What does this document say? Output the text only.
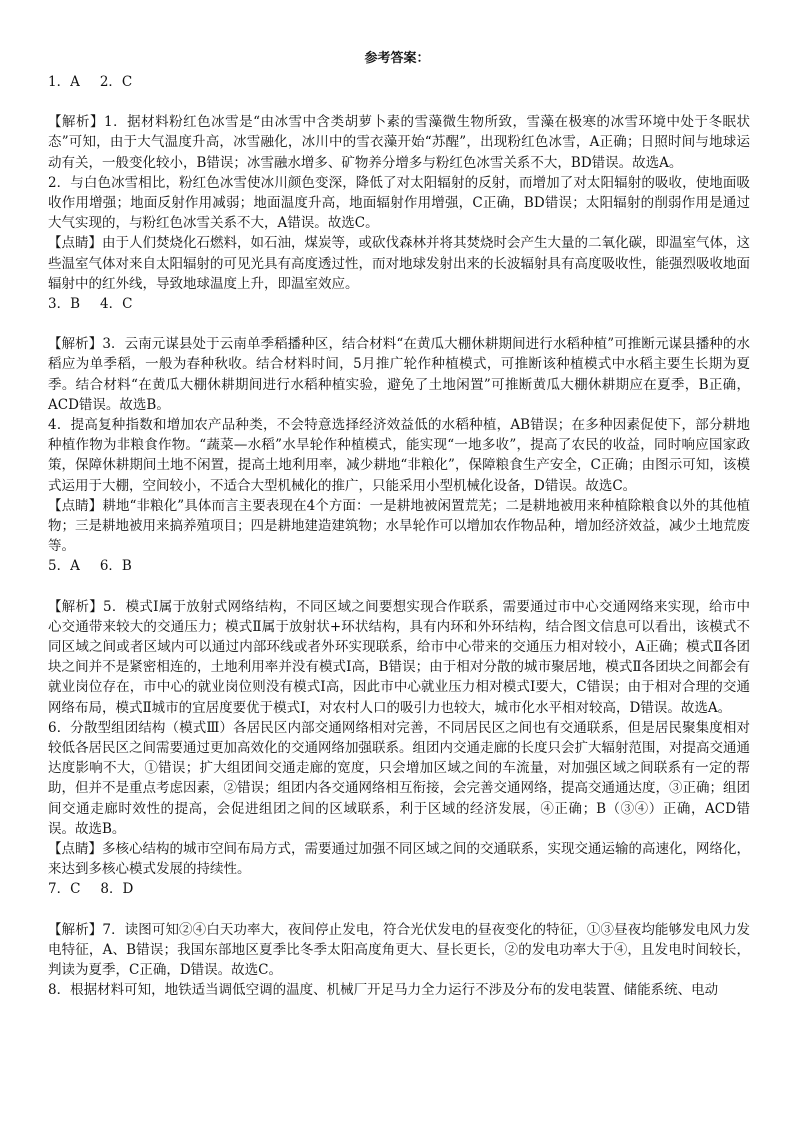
参考答案：

1．A 2．C

【解析】1．据材料粉红色冰雪是“由冰雪中含类胡萝卜素的雪藻微生物所致，雪藻在极寒的冰雪环境中处于冬眠状态”可知，由于大气温度升高，冰雪融化，冰川中的雪衣藻开始“苏醒”，出现粉红色冰雪，A正确；日照时间与地球运动有关，一般变化较小，B错误；冰雪融水增多、矿物养分增多与粉红色冰雪关系不大，BD错误。故选A。

2．与白色冰雪相比，粉红色冰雪使冰川颜色变深，降低了对太阳辐射的反射，而增加了对太阳辐射的吸收，使地面吸收作用增强；地面反射作用减弱；地面温度升高，地面辐射作用增强，C正确，BD错误；太阳辐射的削弱作用是通过大气实现的，与粉红色冰雪关系不大，A错误。故选C。

【点睛】由于人们焚烧化石燃料，如石油，煤炭等，或砍伐森林并将其焚烧时会产生大量的二氧化碳，即温室气体，这些温室气体对来自太阳辐射的可见光具有高度透过性，而对地球发射出来的长波辐射具有高度吸收性，能强烈吸收地面辐射中的红外线，导致地球温度上升，即温室效应。

3．B 4．C

【解析】3．云南元谋县处于云南单季稻播种区，结合材料“在黄瓜大棚休耕期间进行水稻种植”可推断元谋县播种的水稻应为单季稻，一般为春种秋收。结合材料时间，5月推广轮作种植模式，可推断该种植模式中水稻主要生长期为夏季。结合材料“在黄瓜大棚休耕期间进行水稻种植实验，避免了土地闲置”可推断黄瓜大棚休耕期应在夏季，B正确，ACD错误。故选B。

4．提高复种指数和增加农产品种类，不会特意选择经济效益低的水稻种植，AB错误；在多种因素促使下，部分耕地种植作物为非粮食作物。“蔬菜—水稻”水旱轮作种植模式，能实现“一地多收”，提高了农民的收益，同时响应国家政策，保障休耕期间土地不闲置，提高土地利用率，减少耕地“非粮化”，保障粮食生产安全，C正确；由图示可知，该模式运用于大棚，空间较小，不适合大型机械化的推广，只能采用小型机械化设备，D错误。故选C。

【点睛】耕地“非粮化”具体而言主要表现在4个方面：一是耕地被闲置荒芜；二是耕地被用来种植除粮食以外的其他植物；三是耕地被用来搞养殖项目；四是耕地建造建筑物；水旱轮作可以增加农作物品种，增加经济效益，减少土地荒废等。

5．A 6．B

【解析】5．模式Ⅰ属于放射式网络结构，不同区域之间要想实现合作联系，需要通过市中心交通网络来实现，给市中心交通带来较大的交通压力；模式Ⅱ属于放射状+环状结构，具有内环和外环结构，结合图文信息可以看出，该模式不同区域之间或者区域内可以通过内部环线或者外环实现联系，给市中心带来的交通压力相对较小，A正确；模式Ⅱ各团块之间并不是紧密相连的，土地利用率并没有模式Ⅰ高，B错误；由于相对分散的城市聚居地，模式Ⅱ各团块之间都会有就业岗位存在，市中心的就业岗位则没有模式Ⅰ高，因此市中心就业压力相对模式Ⅰ要大，C错误；由于相对合理的交通网络布局，模式Ⅱ城市的宜居度要优于模式Ⅰ，对农村人口的吸引力也较大，城市化水平相对较高，D错误。故选A。

6．分散型组团结构（模式Ⅲ）各居民区内部交通网络相对完善，不同居民区之间也有交通联系，但是居民聚集度相对较低各居民区之间需要通过更加高效化的交通网络加强联系。组团内交通走廊的长度只会扩大辐射范围，对提高交通通达度影响不大，①错误；扩大组团间交通走廊的宽度，只会增加区域之间的车流量，对加强区域之间联系有一定的帮助，但并不是重点考虑因素，②错误；组团内各交通网络相互衔接，会完善交通网络，提高交通通达度，③正确；组团间交通走廊时效性的提高，会促进组团之间的区域联系，利于区域的经济发展，④正确；B（③④）正确，ACD错误。故选B。

【点睛】多核心结构的城市空间布局方式，需要通过加强不同区域之间的交通联系，实现交通运输的高速化，网络化，来达到多核心模式发展的持续性。

7．C 8．D

【解析】7．读图可知②④白天功率大，夜间停止发电，符合光伏发电的昼夜变化的特征，①③昼夜均能够发电风力发电特征，A、B错误；我国东部地区夏季比冬季太阳高度角更大、昼长更长，②的发电功率大于④，且发电时间较长，判读为夏季，C正确，D错误。故选C。

8．根据材料可知，地铁适当调低空调的温度、机械厂开足马力全力运行不涉及分布的发电装置、储能系统、电动
